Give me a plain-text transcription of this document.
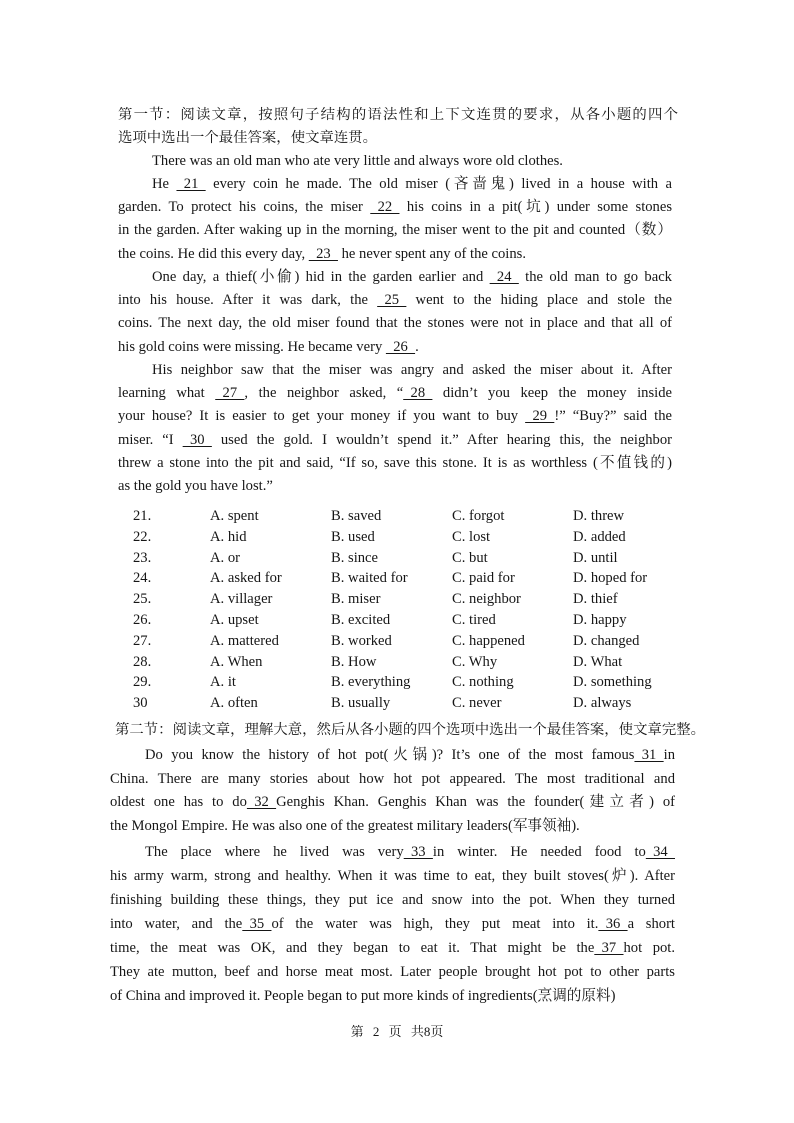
第一节：阅读文章，按照句子结构的语法性和上下文连贯的要求，从各小题的四个
选项中选出一个最佳答案，使文章连贯。
There was an old man who ate very little and always wore old clothes.
He   21   every coin he made. The old miser (吝啬鬼) lived in a house with a
garden. To protect his coins, the miser   22   his coins in a pit(坑) under some stones
in the garden. After waking up in the morning, the miser went to the pit and counted（数）
the coins. He did this every day,   23   he never spent any of the coins.
One day, a thief(小偷) hid in the garden earlier and   24   the old man to go back
into his house. After it was dark, the   25   went to the hiding place and stole the
coins. The next day, the old miser found that the stones were not in place and that all of
his gold coins were missing. He became very   26  .
His neighbor saw that the miser was angry and asked the miser about it. After
learning what   27  , the neighbor asked, “  28   didn’t you keep the money inside
your house? It is easier to get your money if you want to buy   29  !” “Buy?” said the
miser. “I   30   used the gold. I wouldn’t spend it.” After hearing this, the neighbor
threw a stone into the pit and said, “If so, save this stone. It is as worthless (不值钱的)
as the gold you have lost.”
21.	A. spent	B. saved	C. forgot	D. threw
22.	A. hid	B. used	C. lost	D. added
23.	A. or	B. since	C. but	D. until
24.	A. asked for	B. waited for	C. paid for	D. hoped for
25.	A. villager	B. miser	C. neighbor	D. thief
26.	A. upset	B. excited	C. tired	D. happy
27.	A. mattered	B. worked	C. happened	D. changed
28.	A. When	B. How	C. Why	D. What
29.	A. it	B. everything	C. nothing	D. something
30	A. often	B. usually	C. never	D. always
第二节：阅读文章，理解大意，然后从各小题的四个选项中选出一个最佳答案，使文章完整。
Do you know the history of hot pot(火锅)? It’s one of the most famous  31  in
China. There are many stories about how hot pot appeared. The most traditional and
oldest one has to do  32  Genghis Khan. Genghis Khan was the founder(建立者) of
the Mongol Empire. He was also one of the greatest military leaders(军事领袖).
The place where he lived was very  33  in winter. He needed food to  34
his army warm, strong and healthy. When it was time to eat, they built stoves(炉). After
finishing building these things, they put ice and snow into the pot. When they turned
into water, and the  35  of the water was high, they put meat into it.  36  a short
time, the meat was OK, and they began to eat it. That might be the  37  hot pot.
They ate mutton, beef and horse meat most. Later people brought hot pot to other parts
of China and improved it. People began to put more kinds of ingredients(烹调的原料)
第 2 页 共8页
